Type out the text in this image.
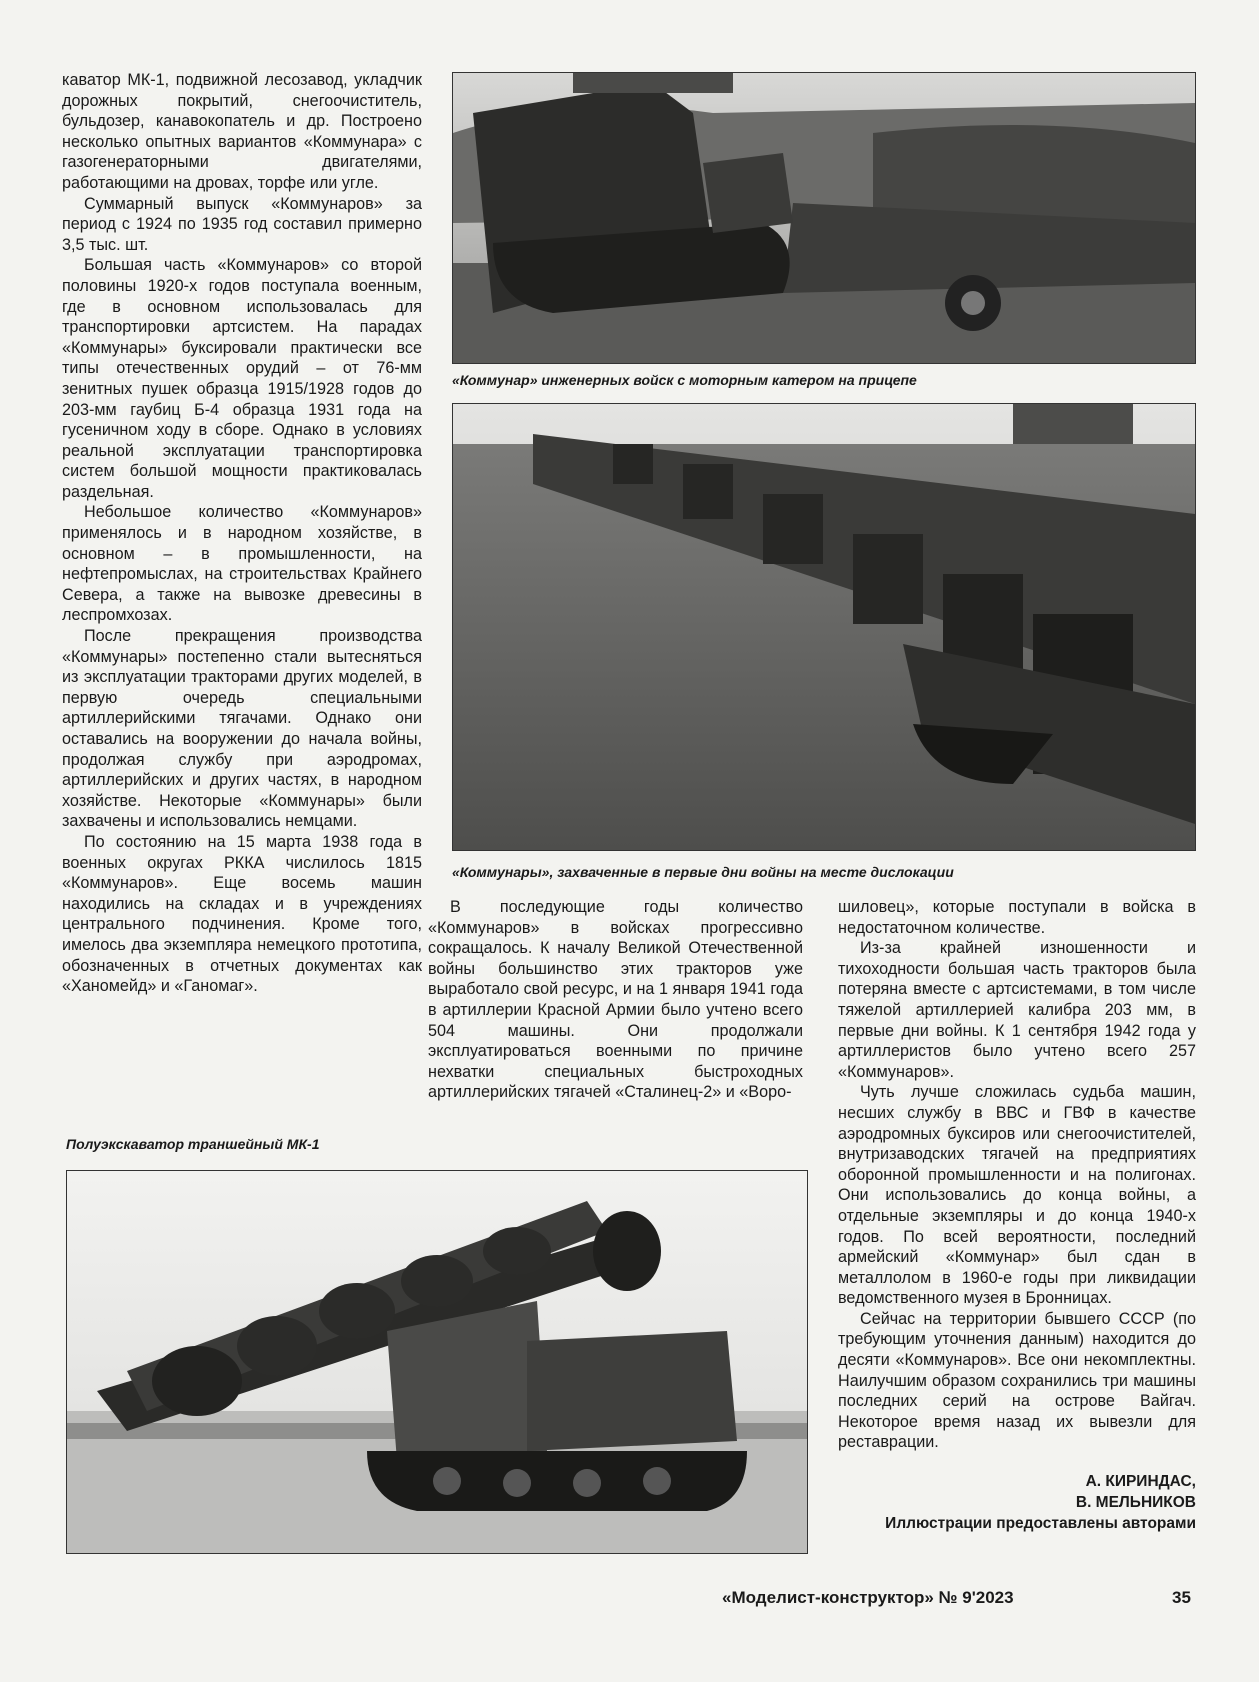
каватор МК-1, подвижной лесозавод, укладчик дорожных покрытий, снегоочиститель, бульдозер, канавокопатель и др. Построено несколько опытных вариантов «Коммунара» с газогенераторными двигателями, работающими на дровах, торфе или угле.

Суммарный выпуск «Коммунаров» за период с 1924 по 1935 год составил примерно 3,5 тыс. шт.

Большая часть «Коммунаров» со второй половины 1920-х годов поступала военным, где в основном использовалась для транспортировки артсистем. На парадах «Коммунары» буксировали практически все типы отечественных орудий – от 76-мм зенитных пушек образца 1915/1928 годов до 203-мм гаубиц Б-4 образца 1931 года на гусеничном ходу в сборе. Однако в условиях реальной эксплуатации транспортировка систем большой мощности практиковалась раздельная.

Небольшое количество «Коммунаров» применялось и в народном хозяйстве, в основном – в промышленности, на нефтепромыслах, на строительствах Крайнего Севера, а также на вывозке древесины в леспромхозах.

После прекращения производства «Коммунары» постепенно стали вытесняться из эксплуатации тракторами других моделей, в первую очередь специальными артиллерийскими тягачами. Однако они оставались на вооружении до начала войны, продолжая службу при аэродромах, артиллерийских и других частях, в народном хозяйстве. Некоторые «Коммунары» были захвачены и использовались немцами.

По состоянию на 15 марта 1938 года в военных округах РККА числилось 1815 «Коммунаров». Еще восемь машин находились на складах и в учреждениях центрального подчинения. Кроме того, имелось два экземпляра немецкого прототипа, обозначенных в отчетных документах как «Ханомейд» и «Ганомаг».

«Коммунар» инженерных войск с моторным катером на прицепе
«Коммунары», захваченные в первые дни войны на месте дислокации

В последующие годы количество «Коммунаров» в войсках прогрессивно сокращалось. К началу Великой Отечественной войны большинство этих тракторов уже выработало свой ресурс, и на 1 января 1941 года в артиллерии Красной Армии было учтено всего 504 машины. Они продолжали эксплуатироваться военными по причине нехватки специальных быстроходных артиллерийских тягачей «Сталинец-2» и «Воро-

шиловец», которые поступали в войска в недостаточном количестве.

Из-за крайней изношенности и тихоходности большая часть тракторов была потеряна вместе с артсистемами, в том числе тяжелой артиллерией калибра 203 мм, в первые дни войны. К 1 сентября 1942 года у артиллеристов было учтено всего 257 «Коммунаров».

Чуть лучше сложилась судьба машин, несших службу в ВВС и ГВФ в качестве аэродромных буксиров или снегоочистителей, внутризаводских тягачей на предприятиях оборонной промышленности и на полигонах. Они использовались до конца войны, а отдельные экземпляры и до конца 1940-х годов. По всей вероятности, последний армейский «Коммунар» был сдан в металлолом в 1960-е годы при ликвидации ведомственного музея в Бронницах.

Сейчас на территории бывшего СССР (по требующим уточнения данным) находится до десяти «Коммунаров». Все они некомплектны. Наилучшим образом сохранились три машины последних серий на острове Вайгач. Некоторое время назад их вывезли для реставрации.

А. КИРИНДАС,
В. МЕЛЬНИКОВ
Иллюстрации предоставлены авторами
Полуэкскаватор траншейный МК-1
«Моделист-конструктор» № 9'2023	35
